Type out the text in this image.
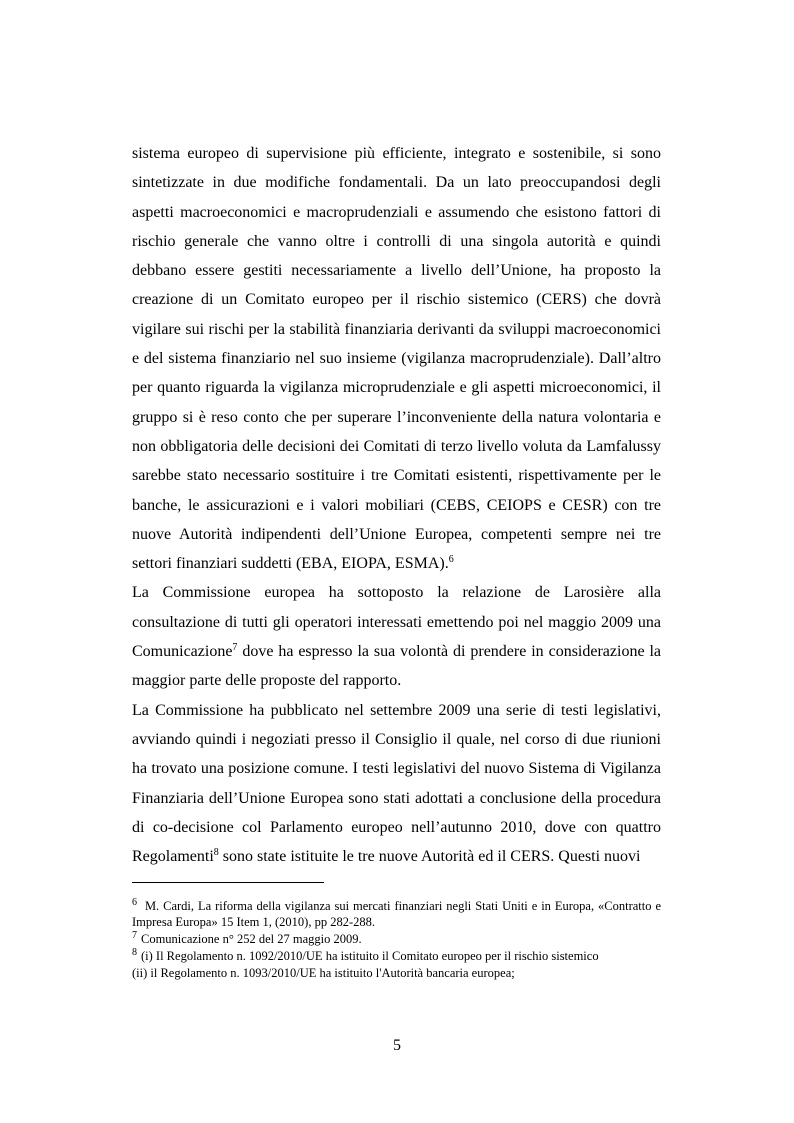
sistema europeo di supervisione più efficiente, integrato e sostenibile, si sono sintetizzate in due modifiche fondamentali. Da un lato preoccupandosi degli aspetti macroeconomici e macroprudenziali e assumendo che esistono fattori di rischio generale che vanno oltre i controlli di una singola autorità e quindi debbano essere gestiti necessariamente a livello dell’Unione, ha proposto la creazione di un Comitato europeo per il rischio sistemico (CERS) che dovrà vigilare sui rischi per la stabilità finanziaria derivanti da sviluppi macroeconomici e del sistema finanziario nel suo insieme (vigilanza macroprudenziale). Dall’altro per quanto riguarda la vigilanza microprudenziale e gli aspetti microeconomici, il gruppo si è reso conto che per superare l’inconveniente della natura volontaria e non obbligatoria delle decisioni dei Comitati di terzo livello voluta da Lamfalussy sarebbe stato necessario sostituire i tre Comitati esistenti, rispettivamente per le banche, le assicurazioni e i valori mobiliari (CEBS, CEIOPS e CESR) con tre nuove Autorità indipendenti dell’Unione Europea, competenti sempre nei tre settori finanziari suddetti (EBA, EIOPA, ESMA).$^6$

La Commissione europea ha sottoposto la relazione de Larosière alla consultazione di tutti gli operatori interessati emettendo poi nel maggio 2009 una Comunicazione$^7$ dove ha espresso la sua volontà di prendere in considerazione la maggior parte delle proposte del rapporto.

La Commissione ha pubblicato nel settembre 2009 una serie di testi legislativi, avviando quindi i negoziati presso il Consiglio il quale, nel corso di due riunioni ha trovato una posizione comune. I testi legislativi del nuovo Sistema di Vigilanza Finanziaria dell’Unione Europea sono stati adottati a conclusione della procedura di co-decisione col Parlamento europeo nell’autunno 2010, dove con quattro Regolamenti$^8$ sono state istituite le tre nuove Autorità ed il CERS. Questi nuovi

$^6$ M. Cardi, La riforma della vigilanza sui mercati finanziari negli Stati Uniti e in Europa, «Contratto e Impresa Europa» 15 Item 1, (2010), pp 282-288.

$^7$ Comunicazione n° 252 del 27 maggio 2009.

$^8$ (i) Il Regolamento n. 1092/2010/UE ha istituito il Comitato europeo per il rischio sistemico

(ii) il Regolamento n. 1093/2010/UE ha istituito l'Autorità bancaria europea;

5
